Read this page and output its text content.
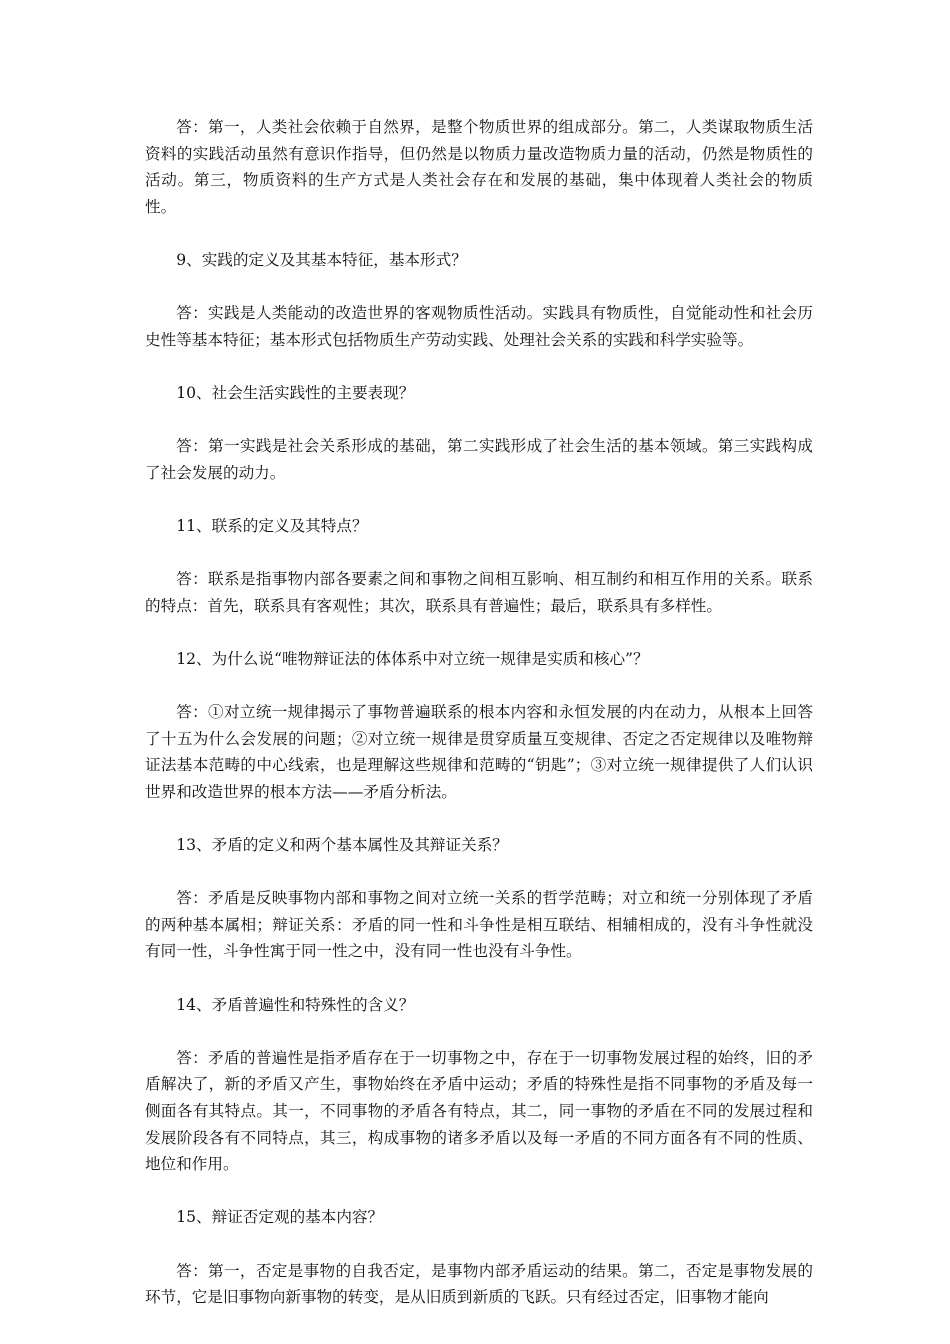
答：第一，人类社会依赖于自然界，是整个物质世界的组成部分。第二，人类谋取物质生活资料的实践活动虽然有意识作指导，但仍然是以物质力量改造物质力量的活动，仍然是物质性的活动。第三，物质资料的生产方式是人类社会存在和发展的基础，集中体现着人类社会的物质性。

9、实践的定义及其基本特征，基本形式？

答：实践是人类能动的改造世界的客观物质性活动。实践具有物质性，自觉能动性和社会历史性等基本特征；基本形式包括物质生产劳动实践、处理社会关系的实践和科学实验等。

10、社会生活实践性的主要表现？

答：第一实践是社会关系形成的基础，第二实践形成了社会生活的基本领域。第三实践构成了社会发展的动力。

11、联系的定义及其特点？

答：联系是指事物内部各要素之间和事物之间相互影响、相互制约和相互作用的关系。联系的特点：首先，联系具有客观性；其次，联系具有普遍性；最后，联系具有多样性。

12、为什么说“唯物辩证法的体体系中对立统一规律是实质和核心”？

答：①对立统一规律揭示了事物普遍联系的根本内容和永恒发展的内在动力，从根本上回答了十五为什么会发展的问题；②对立统一规律是贯穿质量互变规律、否定之否定规律以及唯物辩证法基本范畴的中心线索，也是理解这些规律和范畴的“钥匙”；③对立统一规律提供了人们认识世界和改造世界的根本方法——矛盾分析法。

13、矛盾的定义和两个基本属性及其辩证关系？

答：矛盾是反映事物内部和事物之间对立统一关系的哲学范畴；对立和统一分别体现了矛盾的两种基本属相；辩证关系：矛盾的同一性和斗争性是相互联结、相辅相成的，没有斗争性就没有同一性，斗争性寓于同一性之中，没有同一性也没有斗争性。

14、矛盾普遍性和特殊性的含义？

答：矛盾的普遍性是指矛盾存在于一切事物之中，存在于一切事物发展过程的始终，旧的矛盾解决了，新的矛盾又产生，事物始终在矛盾中运动；矛盾的特殊性是指不同事物的矛盾及每一侧面各有其特点。其一，不同事物的矛盾各有特点，其二，同一事物的矛盾在不同的发展过程和发展阶段各有不同特点，其三，构成事物的诸多矛盾以及每一矛盾的不同方面各有不同的性质、地位和作用。

15、辩证否定观的基本内容？

答：第一，否定是事物的自我否定，是事物内部矛盾运动的结果。第二，否定是事物发展的环节，它是旧事物向新事物的转变，是从旧质到新质的飞跃。只有经过否定，旧事物才能向
